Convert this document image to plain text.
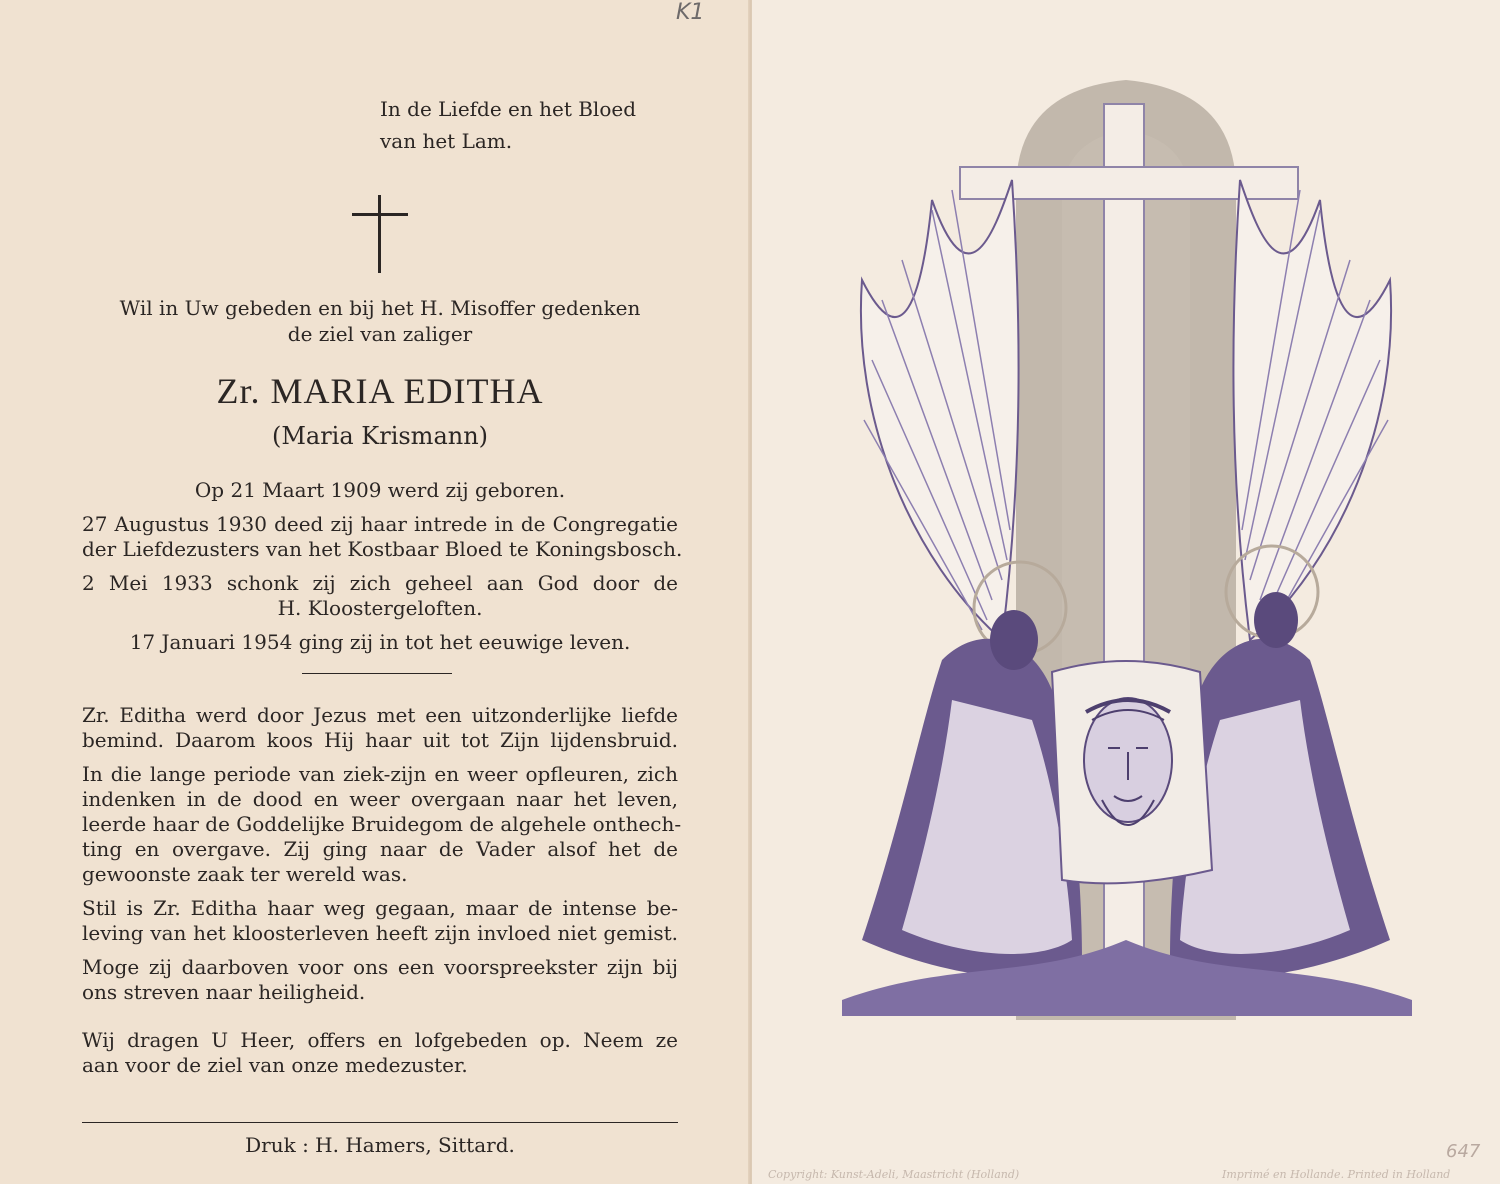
K1
In de Liefde en het Bloed
van het Lam.
Wil in Uw gebeden en bij het H. Misoffer gedenken
de ziel van zaliger
Zr. MARIA EDITHA
(Maria Krismann)
Op 21 Maart 1909 werd zij geboren.
27 Augustus 1930 deed zij haar intrede in de Congregatie
der Liefdezusters van het Kostbaar Bloed te Koningsbosch.
2 Mei 1933 schonk zij zich geheel aan God door de
H. Kloostergeloften.
17 Januari 1954 ging zij in tot het eeuwige leven.
Zr. Editha werd door Jezus met een uitzonderlijke liefde
bemind. Daarom koos Hij haar uit tot Zijn lijdensbruid.
In die lange periode van ziek-zijn en weer opfleuren, zich
indenken in de dood en weer overgaan naar het leven,
leerde haar de Goddelijke Bruidegom de algehele onthech-
ting en overgave. Zij ging naar de Vader alsof het de
gewoonste zaak ter wereld was.
Stil is Zr. Editha haar weg gegaan, maar de intense be-
leving van het kloosterleven heeft zijn invloed niet gemist.
Moge zij daarboven voor ons een voorspreekster zijn bij
ons streven naar heiligheid.
Wij dragen U Heer, offers en lofgebeden op. Neem ze
aan voor de ziel van onze medezuster.
Druk : H. Hamers, Sittard.	647
Copyright: Kunst-Adeli, Maastricht (Holland)	Imprimé en Hollande. Printed in Holland
